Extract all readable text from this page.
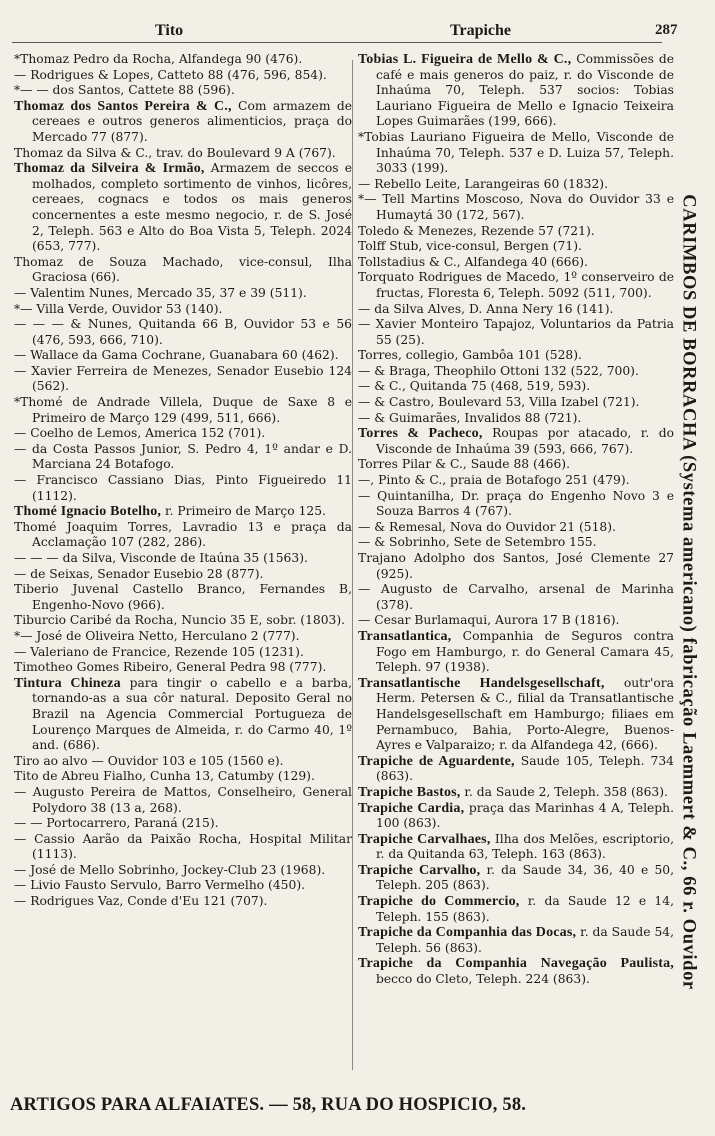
Tito	Trapiche	287
*Thomaz Pedro da Rocha, Alfandega 90 (476).
— Rodrigues & Lopes, Catteto 88 (476, 596, 854).
*— — dos Santos, Cattete 88 (596).
Thomaz dos Santos Pereira & C., Com armazem de cereaes e outros generos alimenticios, praça do Mercado 77 (877).
Thomaz da Silva & C., trav. do Boulevard 9 A (767).
Thomaz da Silveira & Irmão, Armazem de seccos e molhados, completo sortimento de vinhos, licôres, cereaes, cognacs e todos os mais generos concernentes a este mesmo negocio, r. de S. José 2, Teleph. 563 e Alto do Boa Vista 5, Teleph. 2024 (653, 777).
Thomaz de Souza Machado, vice-consul, Ilha Graciosa (66).
— Valentim Nunes, Mercado 35, 37 e 39 (511).
*— Villa Verde, Ouvidor 53 (140).
— — — & Nunes, Quitanda 66 B, Ouvidor 53 e 56 (476, 593, 666, 710).
— Wallace da Gama Cochrane, Guanabara 60 (462).
— Xavier Ferreira de Menezes, Senador Eusebio 124 (562).
*Thomé de Andrade Villela, Duque de Saxe 8 e Primeiro de Março 129 (499, 511, 666).
— Coelho de Lemos, America 152 (701).
— da Costa Passos Junior, S. Pedro 4, 1º andar e D. Marciana 24 Botafogo.
— Francisco Cassiano Dias, Pinto Figueiredo 11 (1112).
Thomé Ignacio Botelho, r. Primeiro de Março 125.
Thomé Joaquim Torres, Lavradio 13 e praça da Acclamação 107 (282, 286).
— — — da Silva, Visconde de Itaúna 35 (1563).
— de Seixas, Senador Eusebio 28 (877).
Tiberio Juvenal Castello Branco, Fernandes B, Engenho-Novo (966).
Tiburcio Caribé da Rocha, Nuncio 35 E, sobr. (1803).
*— José de Oliveira Netto, Herculano 2 (777).
— Valeriano de Francice, Rezende 105 (1231).
Timotheo Gomes Ribeiro, General Pedra 98 (777).
Tintura Chineza para tingir o cabello e a barba, tornando-as a sua côr natural. Deposito Geral no Brazil na Agencia Commercial Portugueza de Lourenço Marques de Almeida, r. do Carmo 40, 1º and. (686).
Tiro ao alvo — Ouvidor 103 e 105 (1560 e).
Tito de Abreu Fialho, Cunha 13, Catumby (129).
— Augusto Pereira de Mattos, Conselheiro, General Polydoro 38 (13 a, 268).
— — Portocarrero, Paraná (215).
— Cassio Aarão da Paixão Rocha, Hospital Militar (1113).
— José de Mello Sobrinho, Jockey-Club 23 (1968).
— Livio Fausto Servulo, Barro Vermelho (450).
— Rodrigues Vaz, Conde d'Eu 121 (707).
Tobias L. Figueira de Mello & C., Commissões de café e mais generos do paiz, r. do Visconde de Inhaúma 70, Teleph. 537 socios: Tobias Lauriano Figueira de Mello e Ignacio Teixeira Lopes Guimarães (199, 666).
*Tobias Lauriano Figueira de Mello, Visconde de Inhaúma 70, Teleph. 537 e D. Luiza 57, Teleph. 3033 (199).
— Rebello Leite, Larangeiras 60 (1832).
*— Tell Martins Moscoso, Nova do Ouvidor 33 e Humaytá 30 (172, 567).
Toledo & Menezes, Rezende 57 (721).
Tolff Stub, vice-consul, Bergen (71).
Tollstadius & C., Alfandega 40 (666).
Torquato Rodrigues de Macedo, 1º conserveiro de fructas, Floresta 6, Teleph. 5092 (511, 700).
— da Silva Alves, D. Anna Nery 16 (141).
— Xavier Monteiro Tapajoz, Voluntarios da Patria 55 (25).
Torres, collegio, Gambôa 101 (528).
— & Braga, Theophilo Ottoni 132 (522, 700).
— & C., Quitanda 75 (468, 519, 593).
— & Castro, Boulevard 53, Villa Izabel (721).
— & Guimarães, Invalidos 88 (721).
Torres & Pacheco, Roupas por atacado, r. do Visconde de Inhaúma 39 (593, 666, 767).
Torres Pilar & C., Saude 88 (466).
—, Pinto & C., praia de Botafogo 251 (479).
— Quintanilha, Dr. praça do Engenho Novo 3 e Souza Barros 4 (767).
— & Remesal, Nova do Ouvidor 21 (518).
— & Sobrinho, Sete de Setembro 155.
Trajano Adolpho dos Santos, José Clemente 27 (925).
— Augusto de Carvalho, arsenal de Marinha (378).
— Cesar Burlamaqui, Aurora 17 B (1816).
Transatlantica, Companhia de Seguros contra Fogo em Hamburgo, r. do General Camara 45, Teleph. 97 (1938).
Transatlantische Handelsgesellschaft, outr'ora Herm. Petersen & C., filial da Transatlantische Handelsgesellschaft em Hamburgo; filiaes em Pernambuco, Bahia, Porto-Alegre, Buenos-Ayres e Valparaizo; r. da Alfandega 42, (666).
Trapiche de Aguardente, Saude 105, Teleph. 734 (863).
Trapiche Bastos, r. da Saude 2, Teleph. 358 (863).
Trapiche Cardia, praça das Marinhas 4 A, Teleph. 100 (863).
Trapiche Carvalhaes, Ilha dos Melões, escriptorio, r. da Quitanda 63, Teleph. 163 (863).
Trapiche Carvalho, r. da Saude 34, 36, 40 e 50, Teleph. 205 (863).
Trapiche do Commercio, r. da Saude 12 e 14, Teleph. 155 (863).
Trapiche da Companhia das Docas, r. da Saude 54, Teleph. 56 (863).
Trapiche da Companhia Navegação Paulista, becco do Cleto, Teleph. 224 (863).	CARIMBOS DE BORRACHA (Systema americano) fabricação Laemmert & C., 66 r. Ouvidor
ARTIGOS PARA ALFAIATES. — 58, RUA DO HOSPICIO, 58.
